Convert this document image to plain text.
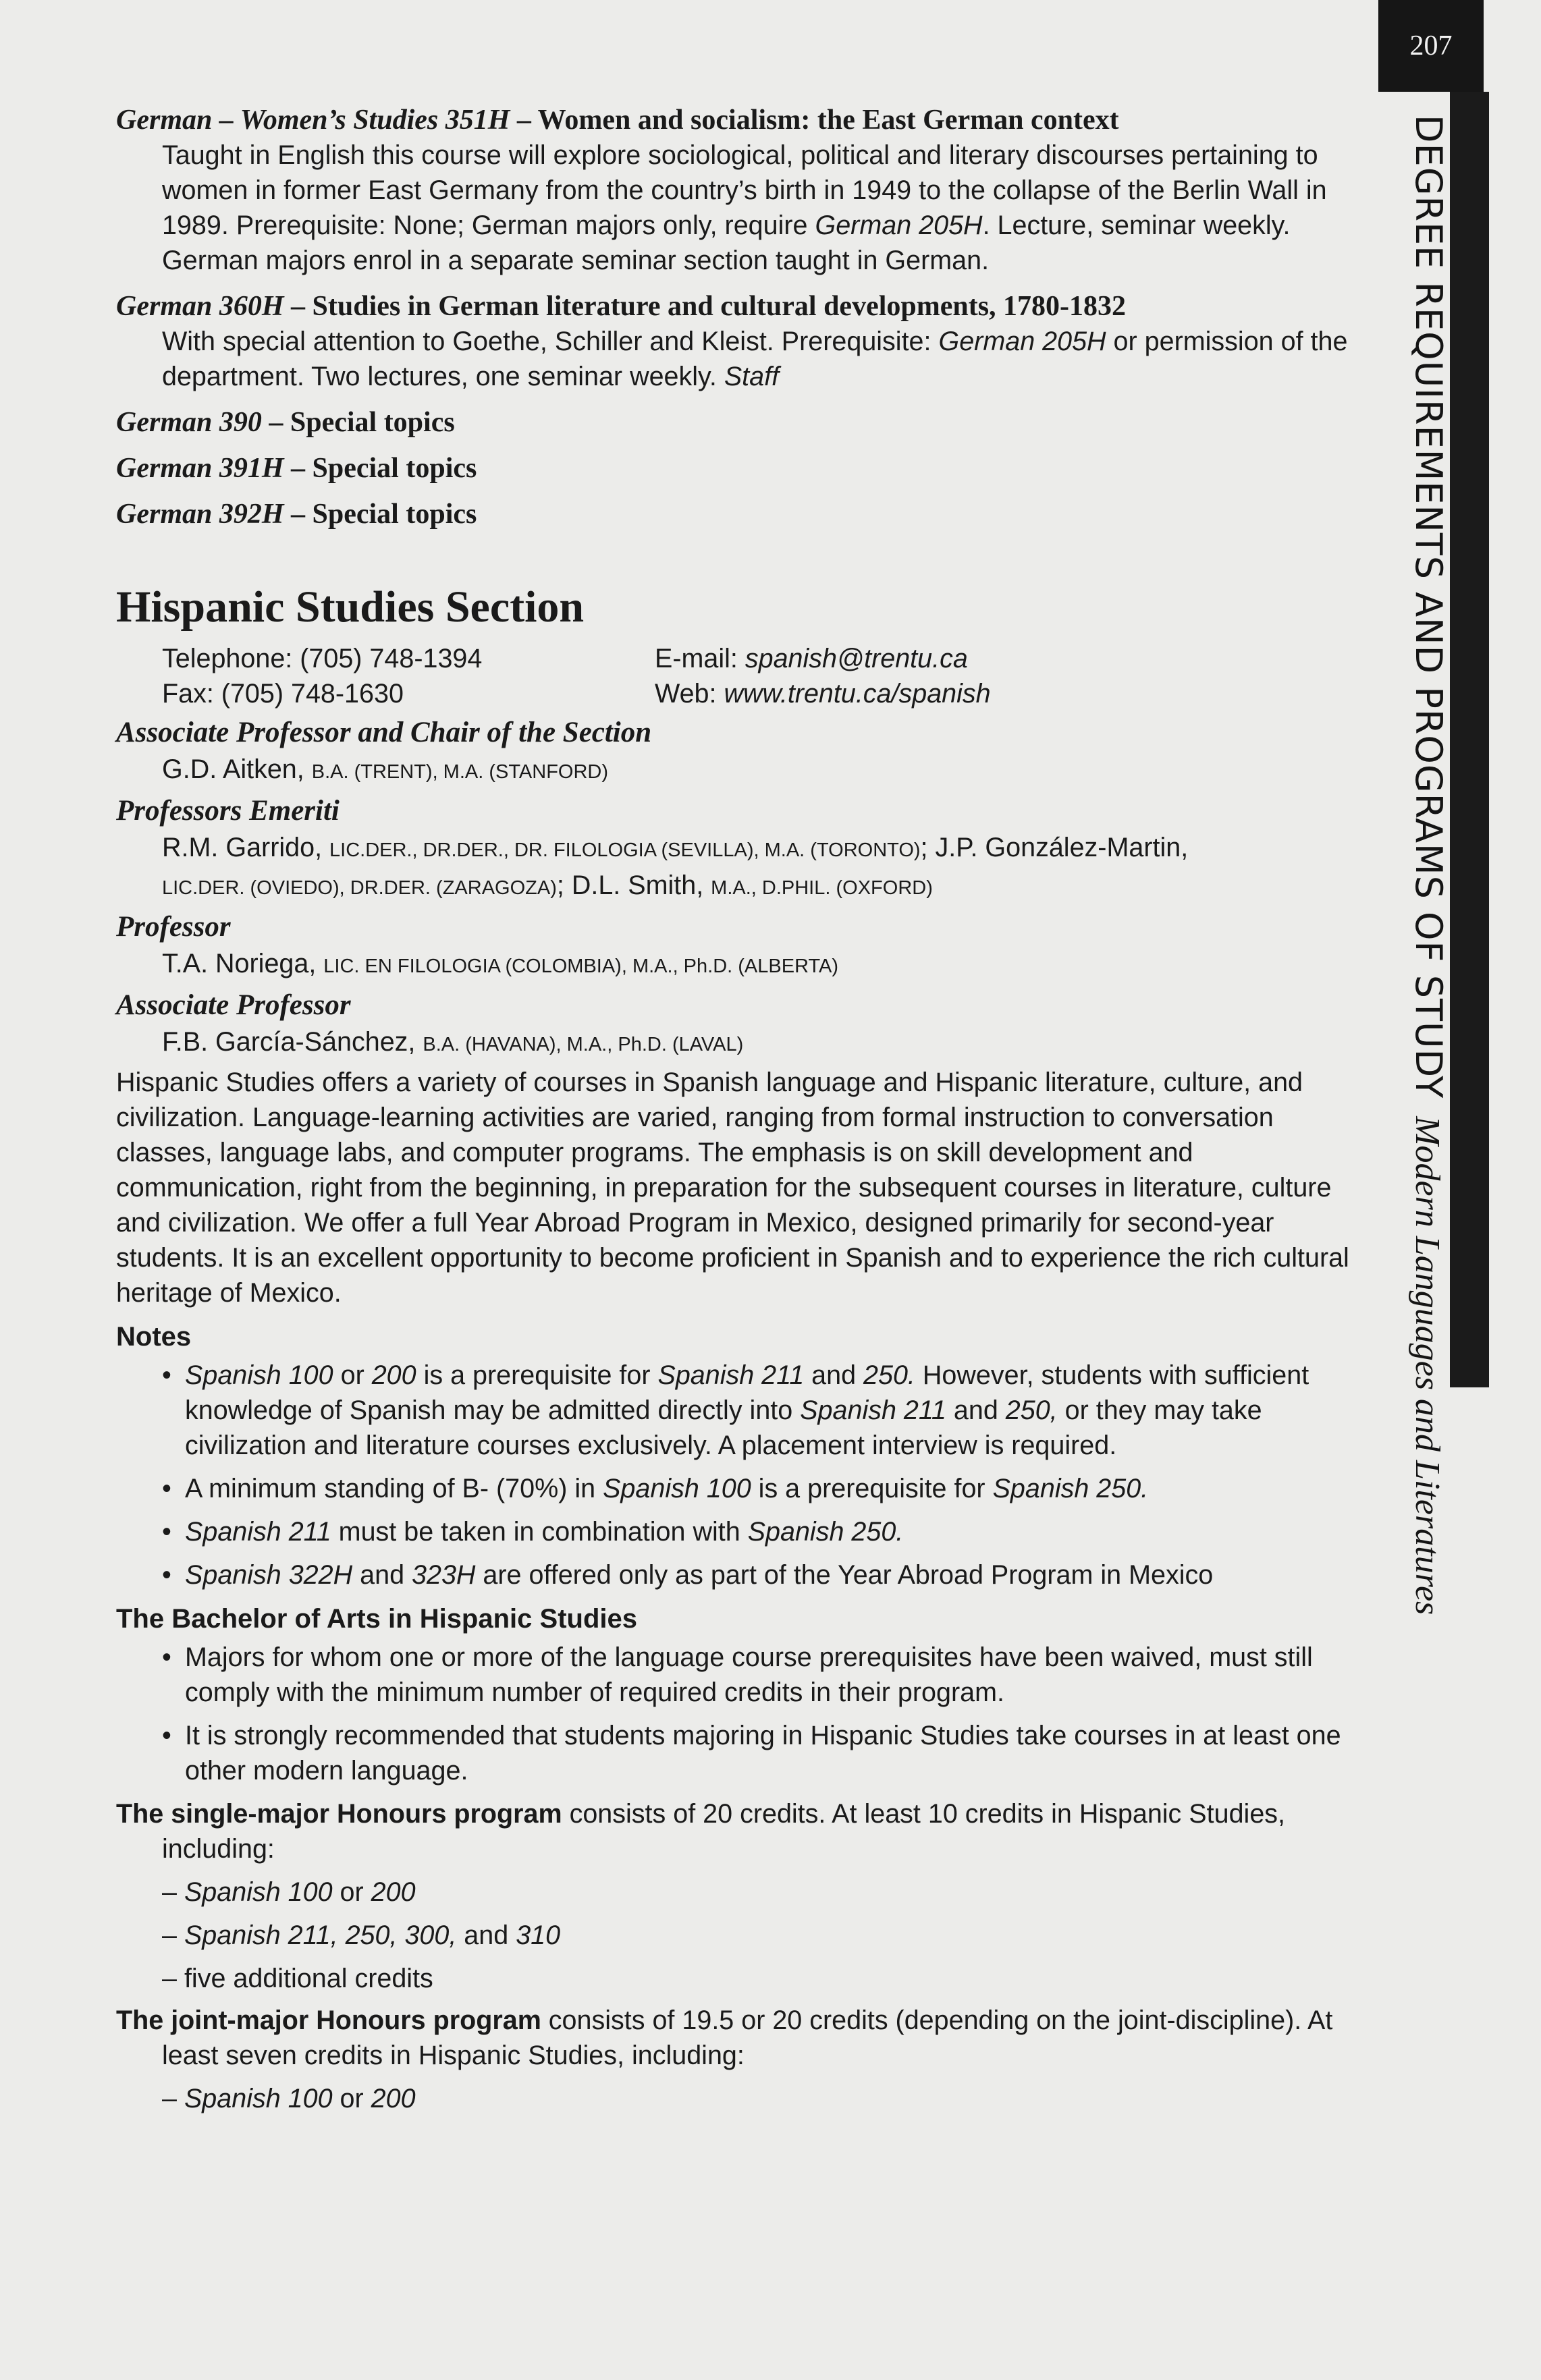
207
DEGREE REQUIREMENTS AND PROGRAMS OF STUDY
Modern Languages and Literatures
German – Women’s Studies 351H – Women and socialism: the East German context

Taught in English this course will explore sociological, political and literary discourses pertaining to women in former East Germany from the country’s birth in 1949 to the collapse of the Berlin Wall in 1989. Prerequisite: None; German majors only, require German 205H. Lecture, seminar weekly. German majors enrol in a separate seminar section taught in German.

German 360H – Studies in German literature and cultural developments, 1780-1832

With special attention to Goethe, Schiller and Kleist. Prerequisite: German 205H or permission of the department. Two lectures, one seminar weekly. Staff

German 390 – Special topics
German 391H – Special topics
German 392H – Special topics
Hispanic Studies Section
Telephone: (705) 748-1394	E-mail: spanish@trentu.ca
Fax: (705) 748-1630	Web: www.trentu.ca/spanish
Associate Professor and Chair of the Section

G.D. Aitken, B.A. (TRENT), M.A. (STANFORD)

Professors Emeriti

R.M. Garrido, LIC.DER., DR.DER., DR. FILOLOGIA (SEVILLA), M.A. (TORONTO); J.P. González-Martin,

LIC.DER. (OVIEDO), DR.DER. (ZARAGOZA); D.L. Smith, M.A., D.PHIL. (OXFORD)

Professor

T.A. Noriega, LIC. EN FILOLOGIA (COLOMBIA), M.A., Ph.D. (ALBERTA)

Associate Professor

F.B. García-Sánchez, B.A. (HAVANA), M.A., Ph.D. (LAVAL)

Hispanic Studies offers a variety of courses in Spanish language and Hispanic literature, culture, and civilization. Language-learning activities are varied, ranging from formal instruction to conversation classes, language labs, and computer programs. The emphasis is on skill development and communication, right from the beginning, in preparation for the subsequent courses in literature, culture and civilization. We offer a full Year Abroad Program in Mexico, designed primarily for second-year students. It is an excellent opportunity to become proficient in Spanish and to experience the rich cultural heritage of Mexico.

Notes
• Spanish 100 or 200 is a prerequisite for Spanish 211 and 250. However, students with sufficient knowledge of Spanish may be admitted directly into Spanish 211 and 250, or they may take civilization and literature courses exclusively. A placement interview is required.
• A minimum standing of B- (70%) in Spanish 100 is a prerequisite for Spanish 250.
• Spanish 211 must be taken in combination with Spanish 250.
• Spanish 322H and 323H are offered only as part of the Year Abroad Program in Mexico
The Bachelor of Arts in Hispanic Studies
• Majors for whom one or more of the language course prerequisites have been waived, must still comply with the minimum number of required credits in their program.
• It is strongly recommended that students majoring in Hispanic Studies take courses in at least one other modern language.

The single-major Honours program consists of 20 credits. At least 10 credits in Hispanic Studies, including:

– Spanish 100 or 200

– Spanish 211, 250, 300, and 310

– five additional credits

The joint-major Honours program consists of 19.5 or 20 credits (depending on the joint-discipline). At least seven credits in Hispanic Studies, including:

– Spanish 100 or 200
